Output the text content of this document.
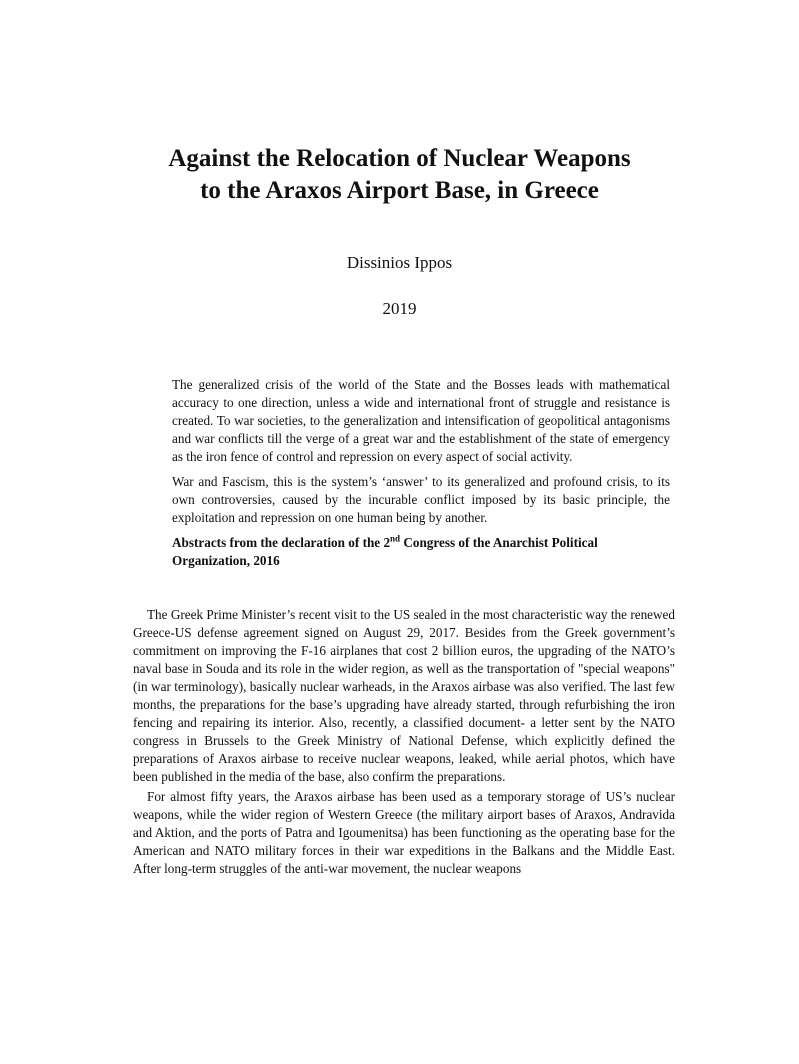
Against the Relocation of Nuclear Weapons
to the Araxos Airport Base, in Greece

Dissinios Ippos

2019

The generalized crisis of the world of the State and the Bosses leads with mathematical accuracy to one direction, unless a wide and international front of struggle and resistance is created. To war societies, to the generalization and intensification of geopolitical antagonisms and war conflicts till the verge of a great war and the establishment of the state of emergency as the iron fence of control and repression on every aspect of social activity.

War and Fascism, this is the system’s ‘answer’ to its generalized and profound crisis, to its own controversies, caused by the incurable conflict imposed by its basic principle, the exploitation and repression on one human being by another.

Abstracts from the declaration of the 2nd Congress of the Anarchist Political Organization, 2016

The Greek Prime Minister’s recent visit to the US sealed in the most characteristic way the renewed Greece-US defense agreement signed on August 29, 2017. Besides from the Greek government’s commitment on improving the F-16 airplanes that cost 2 billion euros, the upgrading of the NATO’s naval base in Souda and its role in the wider region, as well as the transportation of "special weapons" (in war terminology), basically nuclear warheads, in the Araxos airbase was also verified. The last few months, the preparations for the base’s upgrading have already started, through refurbishing the iron fencing and repairing its interior. Also, recently, a classified document- a letter sent by the NATO congress in Brussels to the Greek Ministry of National Defense, which explicitly defined the preparations of Araxos airbase to receive nuclear weapons, leaked, while aerial photos, which have been published in the media of the base, also confirm the preparations.

For almost fifty years, the Araxos airbase has been used as a temporary storage of US’s nuclear weapons, while the wider region of Western Greece (the military airport bases of Araxos, Andravida and Aktion, and the ports of Patra and Igoumenitsa) has been functioning as the operating base for the American and NATO military forces in their war expeditions in the Balkans and the Middle East. After long-term struggles of the anti-war movement, the nuclear weapons
